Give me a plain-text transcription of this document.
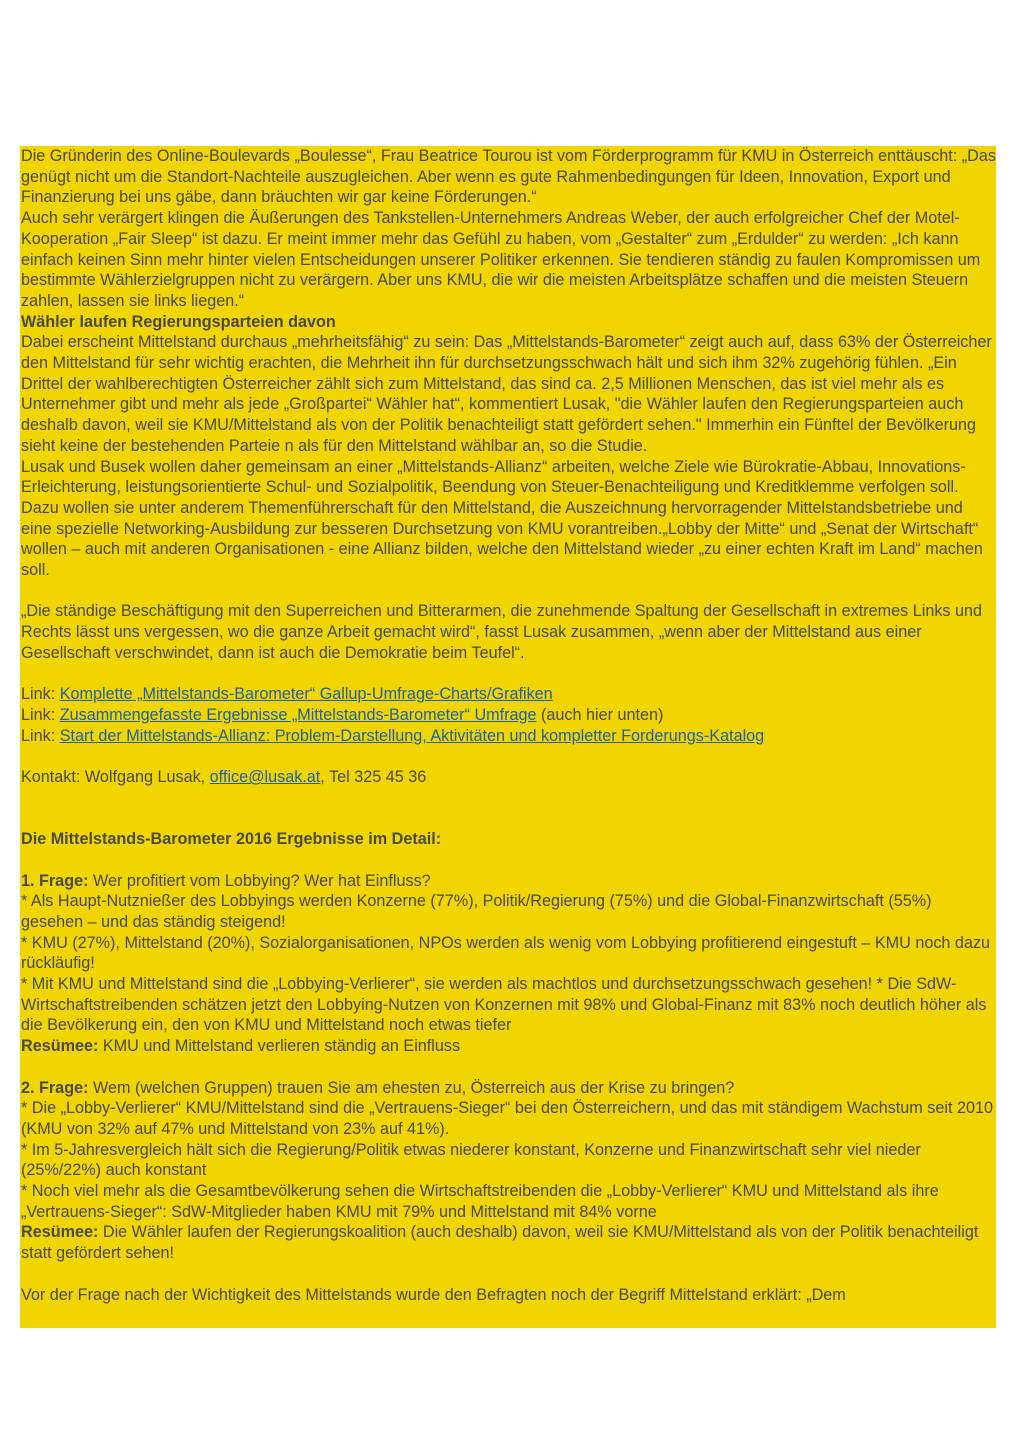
Die Gründerin des Online-Boulevards „Boulesse“, Frau Beatrice Tourou ist vom Förderprogramm für KMU in Österreich enttäuscht: „Das genügt nicht um die Standort-Nachteile auszugleichen. Aber wenn es gute Rahmenbedingungen für Ideen, Innovation, Export und Finanzierung bei uns gäbe, dann bräuchten wir gar keine Förderungen.“

Auch sehr verärgert klingen die Äußerungen des Tankstellen-Unternehmers Andreas Weber, der auch erfolgreicher Chef der Motel-Kooperation „Fair Sleep“ ist dazu. Er meint immer mehr das Gefühl zu haben, vom „Gestalter“ zum „Erdulder“ zu werden: „Ich kann einfach keinen Sinn mehr hinter vielen Entscheidungen unserer Politiker erkennen. Sie tendieren ständig zu faulen Kompromissen um bestimmte Wählerzielgruppen nicht zu verärgern. Aber uns KMU, die wir die meisten Arbeitsplätze schaffen und die meisten Steuern zahlen, lassen sie links liegen.“

Wähler laufen Regierungsparteien davon

Dabei erscheint Mittelstand durchaus „mehrheitsfähig“ zu sein: Das „Mittelstands-Barometer“ zeigt auch auf, dass 63% der Österreicher den Mittelstand für sehr wichtig erachten, die Mehrheit ihn für durchsetzungsschwach hält und sich ihm 32% zugehörig fühlen. „Ein Drittel der wahlberechtigten Österreicher zählt sich zum Mittelstand, das sind ca. 2,5 Millionen Menschen, das ist viel mehr als es Unternehmer gibt und mehr als jede „Großpartei“ Wähler hat“, kommentiert Lusak, "die Wähler laufen den Regierungsparteien auch deshalb davon, weil sie KMU/Mittelstand als von der Politik benachteiligt statt gefördert sehen." Immerhin ein Fünftel der Bevölkerung sieht keine der bestehenden Parteie n als für den Mittelstand wählbar an, so die Studie.

Lusak und Busek wollen daher gemeinsam an einer „Mittelstands-Allianz“ arbeiten, welche Ziele wie Bürokratie-Abbau, Innovations-Erleichterung, leistungsorientierte Schul- und Sozialpolitik, Beendung von Steuer-Benachteiligung und Kreditklemme verfolgen soll. Dazu wollen sie unter anderem Themenführerschaft für den Mittelstand, die Auszeichnung hervorragender Mittelstandsbetriebe und eine spezielle Networking-Ausbildung zur besseren Durchsetzung von KMU vorantreiben.„Lobby der Mitte“ und „Senat der Wirtschaft“ wollen – auch mit anderen Organisationen - eine Allianz bilden, welche den Mittelstand wieder „zu einer echten Kraft im Land“ machen soll.

„Die ständige Beschäftigung mit den Superreichen und Bitterarmen, die zunehmende Spaltung der Gesellschaft in extremes Links und Rechts lässt uns vergessen, wo die ganze Arbeit gemacht wird“, fasst Lusak zusammen, „wenn aber der Mittelstand aus einer Gesellschaft verschwindet, dann ist auch die Demokratie beim Teufel“.

Link: Komplette „Mittelstands-Barometer“ Gallup-Umfrage-Charts/Grafiken

Link: Zusammengefasste Ergebnisse „Mittelstands-Barometer“ Umfrage (auch hier unten)

Link: Start der Mittelstands-Allianz: Problem-Darstellung, Aktivitäten und kompletter Forderungs-Katalog

Kontakt: Wolfgang Lusak, office@lusak.at, Tel 325 45 36

Die Mittelstands-Barometer 2016 Ergebnisse im Detail:

1. Frage: Wer profitiert vom Lobbying? Wer hat Einfluss?

* Als Haupt-Nutznießer des Lobbyings werden Konzerne (77%), Politik/Regierung (75%) und die Global-Finanzwirtschaft (55%) gesehen – und das ständig steigend!

* KMU (27%), Mittelstand (20%), Sozialorganisationen, NPOs werden als wenig vom Lobbying profitierend eingestuft – KMU noch dazu rückläufig!

* Mit KMU und Mittelstand sind die „Lobbying-Verlierer“, sie werden als machtlos und durchsetzungsschwach gesehen! * Die SdW-Wirtschaftstreibenden schätzen jetzt den Lobbying-Nutzen von Konzernen mit 98% und Global-Finanz mit 83% noch deutlich höher als die Bevölkerung ein, den von KMU und Mittelstand noch etwas tiefer

Resümee: KMU und Mittelstand verlieren ständig an Einfluss

2. Frage: Wem (welchen Gruppen) trauen Sie am ehesten zu, Österreich aus der Krise zu bringen?

* Die „Lobby-Verlierer“ KMU/Mittelstand sind die „Vertrauens-Sieger“ bei den Österreichern, und das mit ständigem Wachstum seit 2010 (KMU von 32% auf 47% und Mittelstand von 23% auf 41%).

* Im 5-Jahresvergleich hält sich die Regierung/Politik etwas niederer konstant, Konzerne und Finanzwirtschaft sehr viel nieder (25%/22%) auch konstant

* Noch viel mehr als die Gesamtbevölkerung sehen die Wirtschaftstreibenden die „Lobby-Verlierer“ KMU und Mittelstand als ihre „Vertrauens-Sieger“: SdW-Mitglieder haben KMU mit 79% und Mittelstand mit 84% vorne

Resümee: Die Wähler laufen der Regierungskoalition (auch deshalb) davon, weil sie KMU/Mittelstand als von der Politik benachteiligt statt gefördert sehen!

Vor der Frage nach der Wichtigkeit des Mittelstands wurde den Befragten noch der Begriff Mittelstand erklärt: „Dem
